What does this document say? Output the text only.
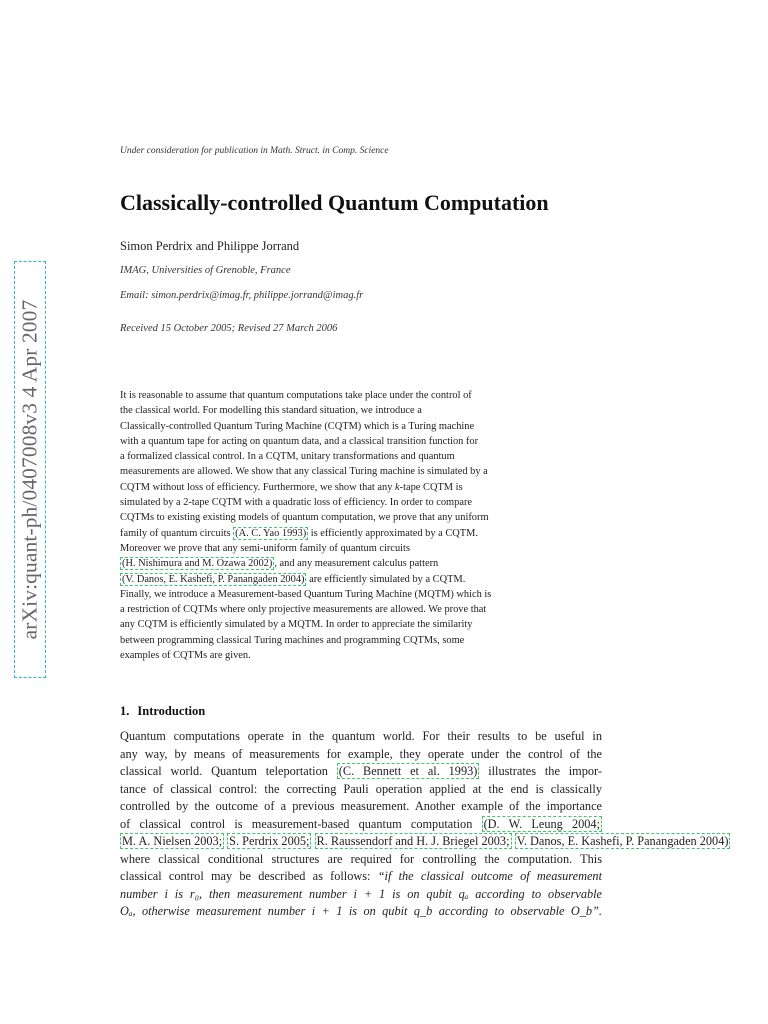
arXiv:quant-ph/0407008v3 4 Apr 2007
Under consideration for publication in Math. Struct. in Comp. Science
Classically-controlled Quantum Computation
Simon Perdrix and Philippe Jorrand
IMAG, Universities of Grenoble, France
Email: simon.perdrix@imag.fr, philippe.jorrand@imag.fr
Received 15 October 2005; Revised 27 March 2006
It is reasonable to assume that quantum computations take place under the control of
the classical world. For modelling this standard situation, we introduce a
Classically-controlled Quantum Turing Machine (CQTM) which is a Turing machine
with a quantum tape for acting on quantum data, and a classical transition function for
a formalized classical control. In a CQTM, unitary transformations and quantum
measurements are allowed. We show that any classical Turing machine is simulated by a
CQTM without loss of efficiency. Furthermore, we show that any k-tape CQTM is
simulated by a 2-tape CQTM with a quadratic loss of efficiency. In order to compare
CQTMs to existing existing models of quantum computation, we prove that any uniform
family of quantum circuits (A. C. Yao 1993) is efficiently approximated by a CQTM.
Moreover we prove that any semi-uniform family of quantum circuits
(H. Nishimura and M. Ozawa 2002) , and any measurement calculus pattern
(V. Danos, E. Kashefi, P. Panangaden 2004) are efficiently simulated by a CQTM.
Finally, we introduce a Measurement-based Quantum Turing Machine (MQTM) which is
a restriction of CQTMs where only projective measurements are allowed. We prove that
any CQTM is efficiently simulated by a MQTM. In order to appreciate the similarity
between programming classical Turing machines and programming CQTMs, some
examples of CQTMs are given.
1. Introduction
Quantum computations operate in the quantum world. For their results to be useful in
any way, by means of measurements for example, they operate under the control of the
classical world. Quantum teleportation (C. Bennett et al. 1993) illustrates the impor-
tance of classical control: the correcting Pauli operation applied at the end is classically
controlled by the outcome of a previous measurement. Another example of the importance
of classical control is measurement-based quantum computation (D. W. Leung 2004;
M. A. Nielsen 2003; S. Perdrix 2005; R. Raussendorf and H. J. Briegel 2003; V. Danos, E. Kashefi, P. Panangaden 2004)
where classical conditional structures are required for controlling the computation. This
classical control may be described as follows: “if the classical outcome of measurement
number i is r₀, then measurement number i + 1 is on qubit qₐ according to observable
Oₐ, otherwise measurement number i + 1 is on qubit q_b according to observable O_b”.
